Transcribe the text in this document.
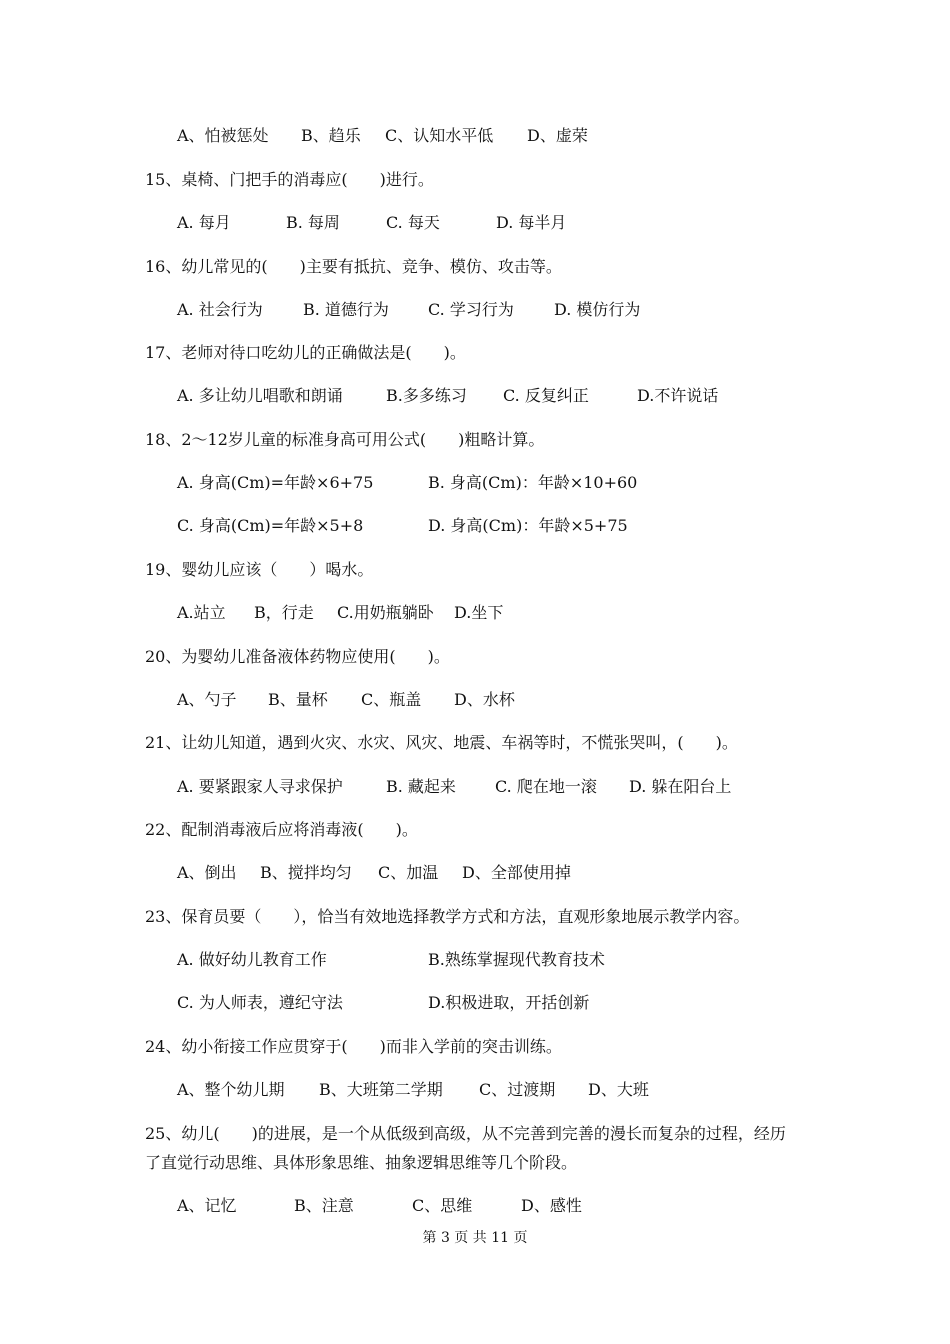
A、怕被惩处 B、趋乐 C、认知水平低 D、虚荣
15、桌椅、门把手的消毒应(　　)进行。
A. 每月	B. 每周	C. 每天	D. 每半月
16、幼儿常见的(　　)主要有抵抗、竞争、模仿、攻击等。
A. 社会行为	B. 道德行为 C. 学习行为	D. 模仿行为
17、老师对待口吃幼儿的正确做法是(　　)。
A. 多让幼儿唱歌和朗诵	B.多多练习 C. 反复纠正	D.不许说话
18、2～12岁儿童的标准身高可用公式(　　)粗略计算。
A. 身高(Cm)=年龄×6+75	B. 身高(Cm)：年龄×10+60
C. 身高(Cm)=年龄×5+8	D. 身高(Cm)：年龄×5+75
19、婴幼儿应该（　　）喝水。
A.站立 B，行走 C.用奶瓶躺卧 D.坐下
20、为婴幼儿准备液体药物应使用(　　)。
A、勺子 B、量杯 C、瓶盖 D、水杯
21、让幼儿知道，遇到火灾、水灾、风灾、地震、车祸等时，不慌张哭叫，(　　)。
A. 要紧跟家人寻求保护	B. 藏起来 C. 爬在地一滚 D. 躲在阳台上
22、配制消毒液后应将消毒液(　　)。
A、倒出 B、搅拌均匀 C、加温 D、全部使用掉
23、保育员要（　　），恰当有效地选择教学方式和方法，直观形象地展示教学内容。
A. 做好幼儿教育工作	B.熟练掌握现代教育技术
C. 为人师表，遵纪守法	D.积极进取，开括创新
24、幼小衔接工作应贯穿于(　　)而非入学前的突击训练。
A、整个幼儿期 B、大班第二学期 C、过渡期 D、大班
25、幼儿(　　)的进展，是一个从低级到高级，从不完善到完善的漫长而复杂的过程，经历
了直觉行动思维、具体形象思维、抽象逻辑思维等几个阶段。
A、记忆	B、注意	C、思维	D、感性
第 3 页 共 11 页
